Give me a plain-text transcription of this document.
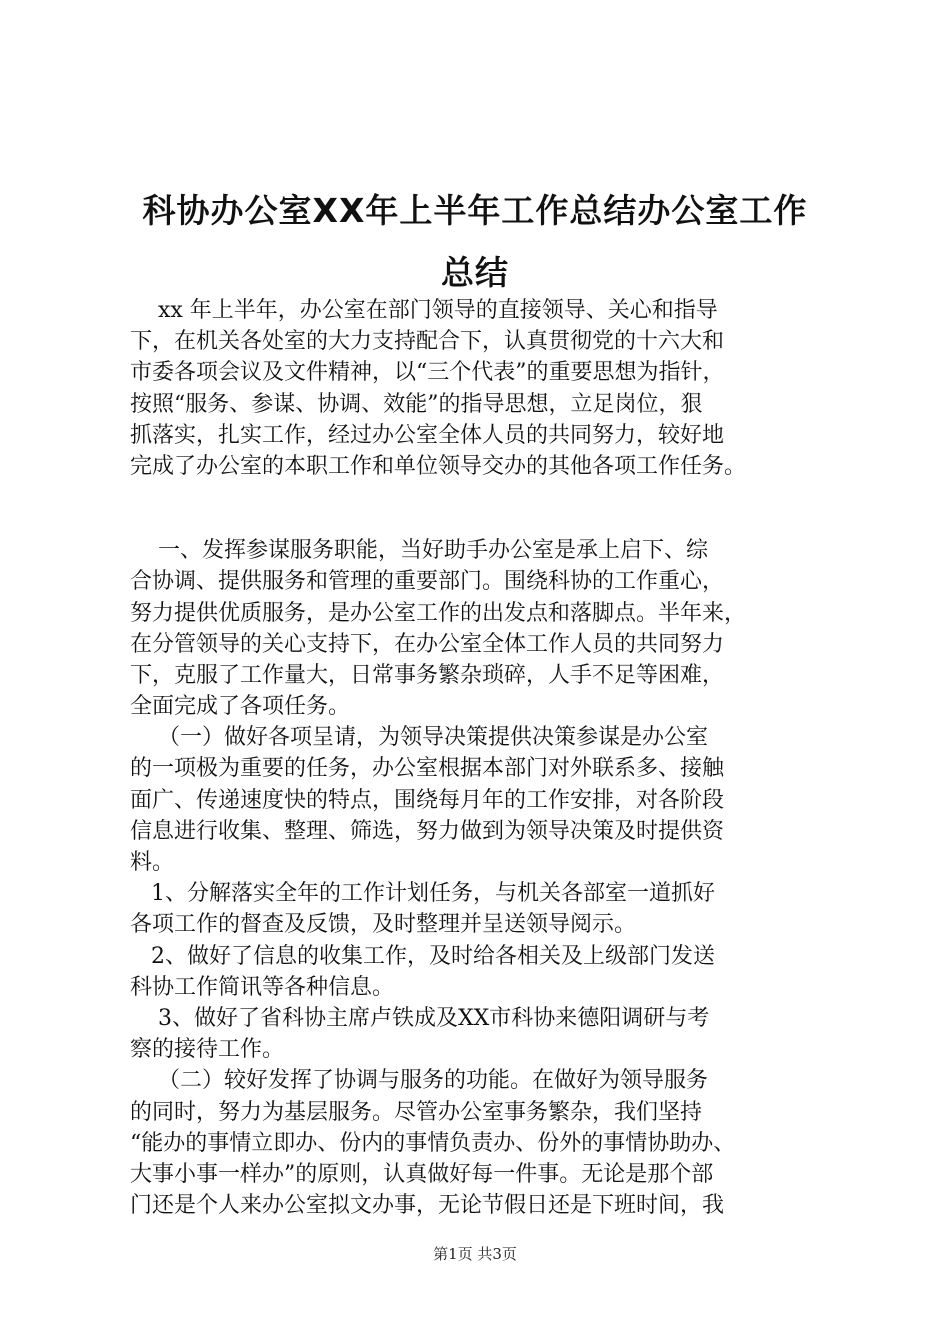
科协办公室XX年上半年工作总结办公室工作
总结
xx 年上半年，办公室在部门领导的直接领导、关心和指导
下，在机关各处室的大力支持配合下，认真贯彻党的十六大和
市委各项会议及文件精神，以“三个代表”的重要思想为指针，
按照“服务、参谋、协调、效能”的指导思想，立足岗位，狠
抓落实，扎实工作，经过办公室全体人员的共同努力，较好地
完成了办公室的本职工作和单位领导交办的其他各项工作任务。
一、发挥参谋服务职能，当好助手办公室是承上启下、综
合协调、提供服务和管理的重要部门。围绕科协的工作重心，
努力提供优质服务，是办公室工作的出发点和落脚点。半年来，
在分管领导的关心支持下，在办公室全体工作人员的共同努力
下，克服了工作量大，日常事务繁杂琐碎，人手不足等困难，
全面完成了各项任务。
（一）做好各项呈请，为领导决策提供决策参谋是办公室
的一项极为重要的任务，办公室根据本部门对外联系多、接触
面广、传递速度快的特点，围绕每月年的工作安排，对各阶段
信息进行收集、整理、筛选，努力做到为领导决策及时提供资
料。
1、分解落实全年的工作计划任务，与机关各部室一道抓好
各项工作的督查及反馈，及时整理并呈送领导阅示。
2、做好了信息的收集工作，及时给各相关及上级部门发送
科协工作简讯等各种信息。
3、做好了省科协主席卢铁成及XX市科协来德阳调研与考
察的接待工作。
（二）较好发挥了协调与服务的功能。在做好为领导服务
的同时，努力为基层服务。尽管办公室事务繁杂，我们坚持
“能办的事情立即办、份内的事情负责办、份外的事情协助办、
大事小事一样办”的原则，认真做好每一件事。无论是那个部
门还是个人来办公室拟文办事，无论节假日还是下班时间，我
第1页 共3页
